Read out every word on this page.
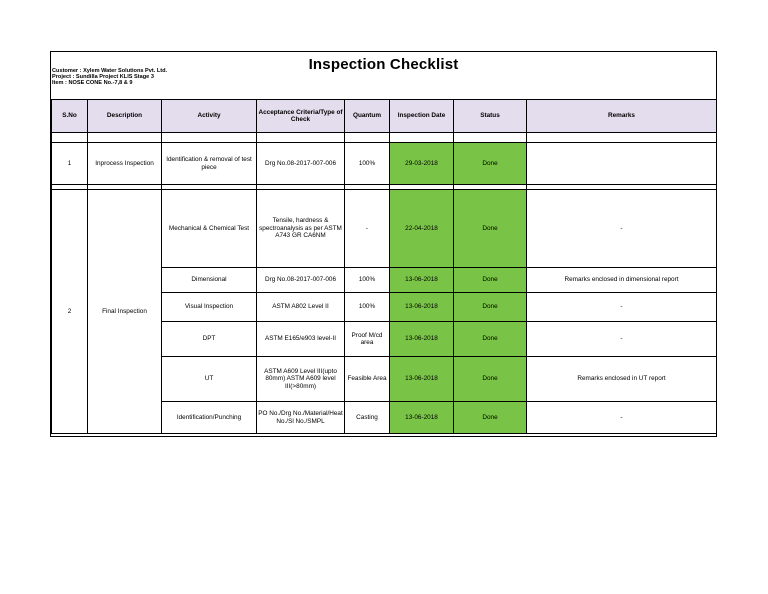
Customer : Xylem Water Solutions Pvt. Ltd.
Project : Sundilla Project KLIS Stage 3
Item : NOSE CONE No.-7,8 & 9
Inspection Checklist
S.No	Description	Activity	Acceptance Criteria/Type of Check	Quantum	Inspection Date	Status	Remarks

1	Inprocess Inspection	Identification & removal of test piece	Drg No.08-2017-007-006	100%	29-03-2018	Done	

2	Final Inspection	Mechanical & Chemical Test	Tensile, hardness & spectroanalysis as per ASTM A743 GR CA6NM	-	22-04-2018	Done	-
		Dimensional	Drg No.08-2017-007-006	100%	13-06-2018	Done	Remarks enclosed in dimensional report
		Visual Inspection	ASTM A802 Level II	100%	13-06-2018	Done	-
		DPT	ASTM E165/e903 level-II	Proof M/cd area	13-06-2018	Done	-
		UT	ASTM A609 Level III(upto 80mm) ASTM A609 level III(>80mm)	Feasible Area	13-06-2018	Done	Remarks enclosed in UT report
		Identification/Punching	PO No./Drg No./Material/Heat No./Sl No./SMPL	Casting	13-06-2018	Done	-
